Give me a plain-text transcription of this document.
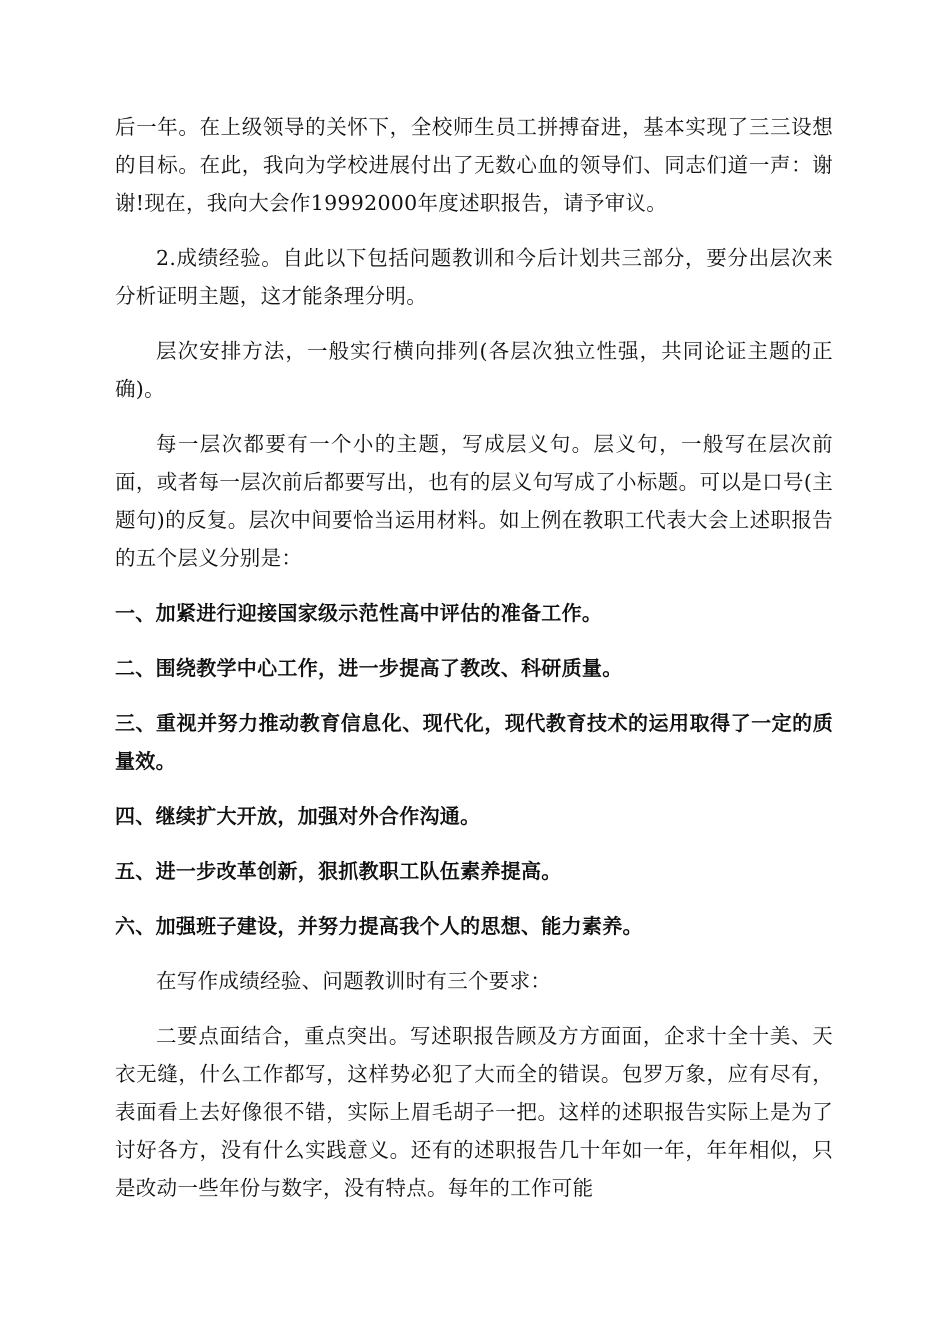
后一年。在上级领导的关怀下，全校师生员工拼搏奋进，基本实现了三三设想的目标。在此，我向为学校进展付出了无数心血的领导们、同志们道一声：谢谢!现在，我向大会作19992000年度述职报告，请予审议。

2.成绩经验。自此以下包括问题教训和今后计划共三部分，要分出层次来分析证明主题，这才能条理分明。

层次安排方法，一般实行横向排列(各层次独立性强，共同论证主题的正确)。

每一层次都要有一个小的主题，写成层义句。层义句，一般写在层次前面，或者每一层次前后都要写出，也有的层义句写成了小标题。可以是口号(主题句)的反复。层次中间要恰当运用材料。如上例在教职工代表大会上述职报告的五个层义分别是：

一、加紧进行迎接国家级示范性高中评估的准备工作。

二、围绕教学中心工作，进一步提高了教改、科研质量。

三、重视并努力推动教育信息化、现代化，现代教育技术的运用取得了一定的质量效。

四、继续扩大开放，加强对外合作沟通。

五、进一步改革创新，狠抓教职工队伍素养提高。

六、加强班子建设，并努力提高我个人的思想、能力素养。

在写作成绩经验、问题教训时有三个要求：

二要点面结合，重点突出。写述职报告顾及方方面面，企求十全十美、天衣无缝，什么工作都写，这样势必犯了大而全的错误。包罗万象，应有尽有，表面看上去好像很不错，实际上眉毛胡子一把。这样的述职报告实际上是为了讨好各方，没有什么实践意义。还有的述职报告几十年如一年，年年相似，只是改动一些年份与数字，没有特点。每年的工作可能
